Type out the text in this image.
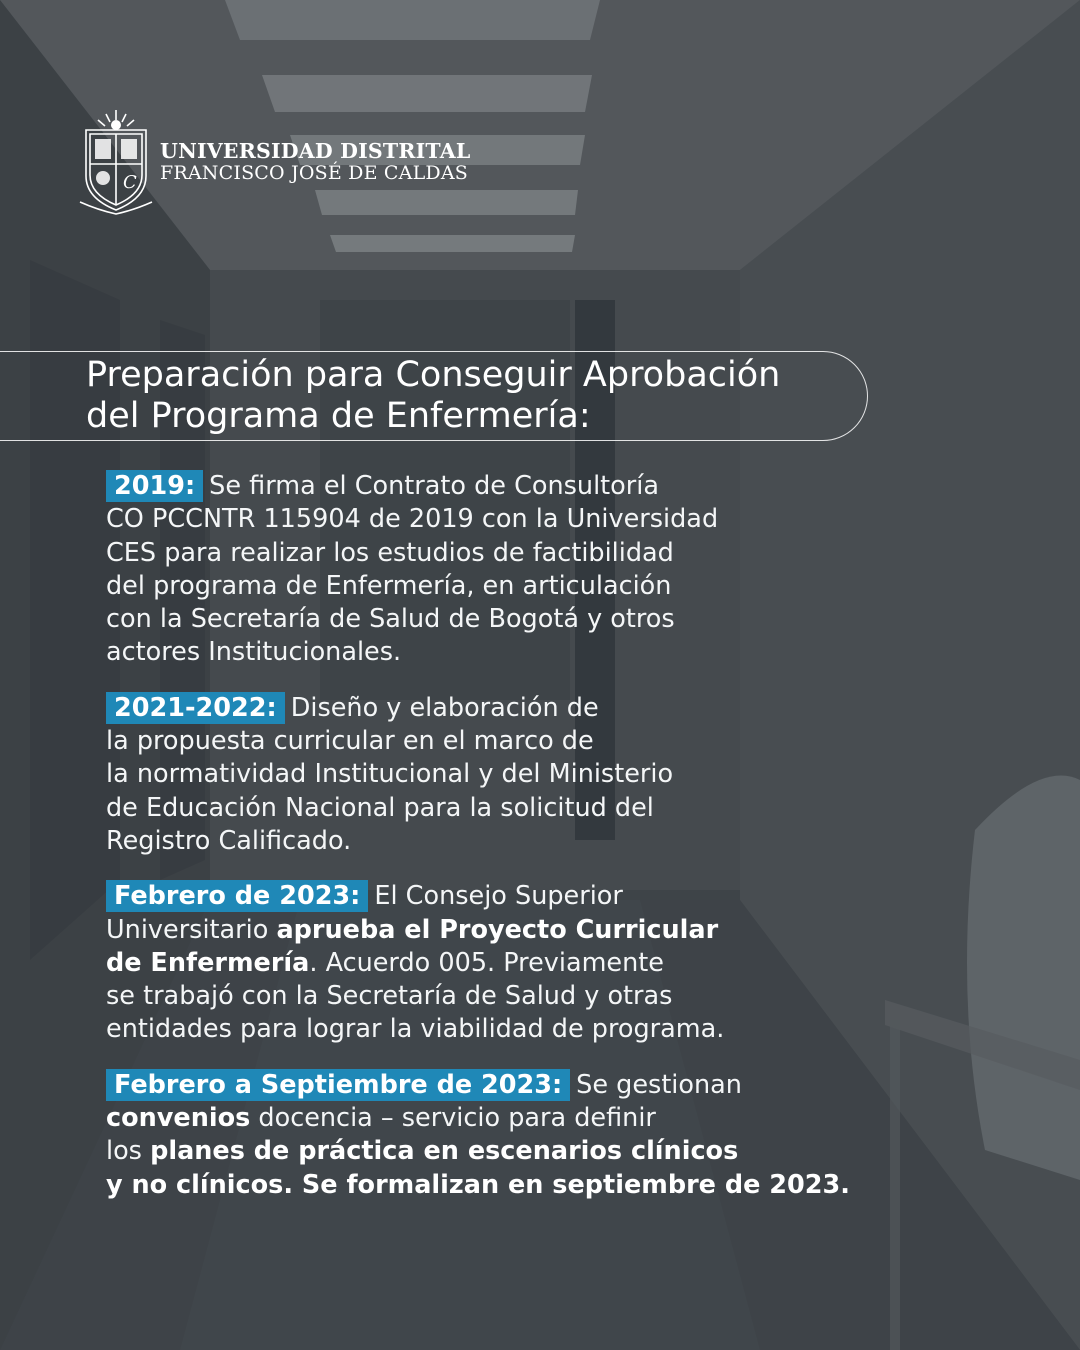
C
UNIVERSIDAD DISTRITAL
FRANCISCO JOSÉ DE CALDAS
Preparación para Conseguir Aprobación
del Programa de Enfermería:
2019: Se firma el Contrato de Consultoría
CO PCCNTR 115904 de 2019 con la Universidad
CES para realizar los estudios de factibilidad
del programa de Enfermería, en articulación
con la Secretaría de Salud de Bogotá y otros
actores Institucionales.
2021-2022: Diseño y elaboración de
la propuesta curricular en el marco de
la normatividad Institucional y del Ministerio
de Educación Nacional para la solicitud del
Registro Calificado.
Febrero de 2023: El Consejo Superior
Universitario aprueba el Proyecto Curricular
de Enfermería. Acuerdo 005. Previamente
se trabajó con la Secretaría de Salud y otras
entidades para lograr la viabilidad de programa.
Febrero a Septiembre de 2023: Se gestionan
convenios docencia – servicio para definir
los planes de práctica en escenarios clínicos
y no clínicos. Se formalizan en septiembre de 2023.
